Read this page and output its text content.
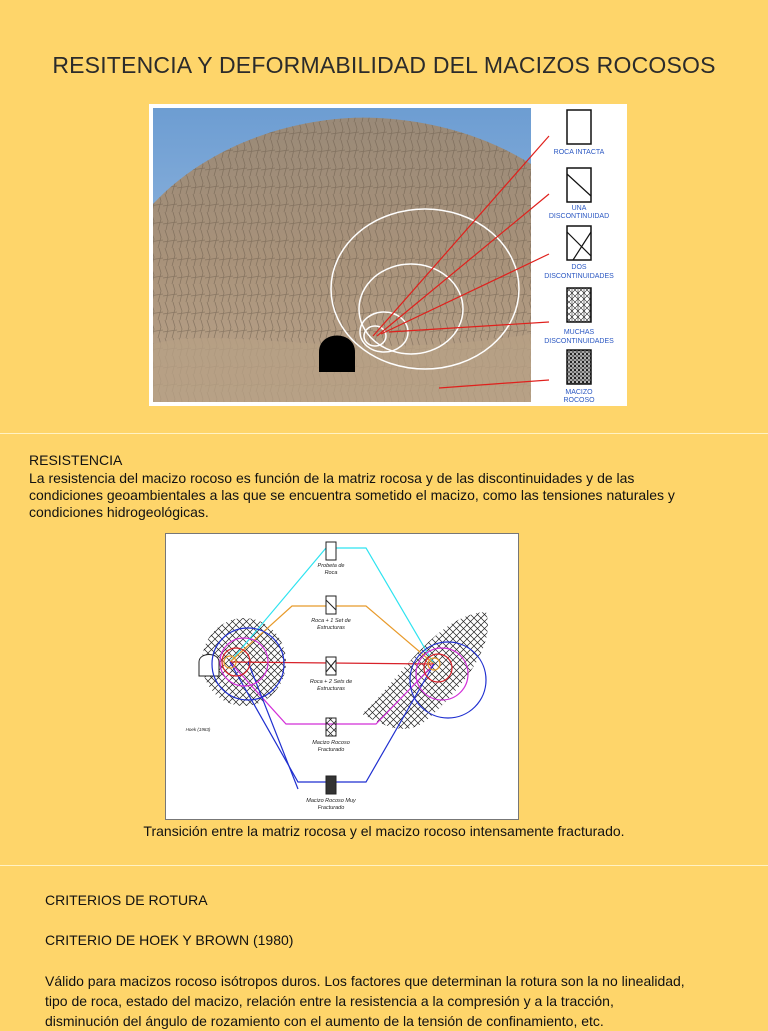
RESITENCIA Y DEFORMABILIDAD DEL MACIZOS ROCOSOS
ROCA INTACTA
UNA
DISCONTINUIDAD
DOS
DISCONTINUIDADES
MUCHAS
DISCONTINUIDADES
MACIZO
ROCOSO
RESISTENCIA
La resistencia del macizo rocoso es función de la matriz rocosa y de las discontinuidades y de las
condiciones geoambientales a las que se encuentra sometido el macizo, como las tensiones naturales y
condiciones hidrogeológicas.
Probeta de
Roca
Roca + 1 Set de
Estructuras
Roca + 2 Sets de
Estructuras
Macizo Rocoso
Fracturado
Macizo Rocoso Muy
Fracturado
Hoek (1983)
Transición entre la matriz rocosa y el macizo rocoso intensamente fracturado.
CRITERIOS DE ROTURA
CRITERIO DE HOEK Y BROWN (1980)
Válido para macizos rocoso isótropos duros. Los factores que determinan la rotura son la no linealidad,
tipo de roca, estado del macizo, relación entre la resistencia a la compresión y a la tracción,
disminución del ángulo de rozamiento con el aumento de la tensión de confinamiento, etc.
